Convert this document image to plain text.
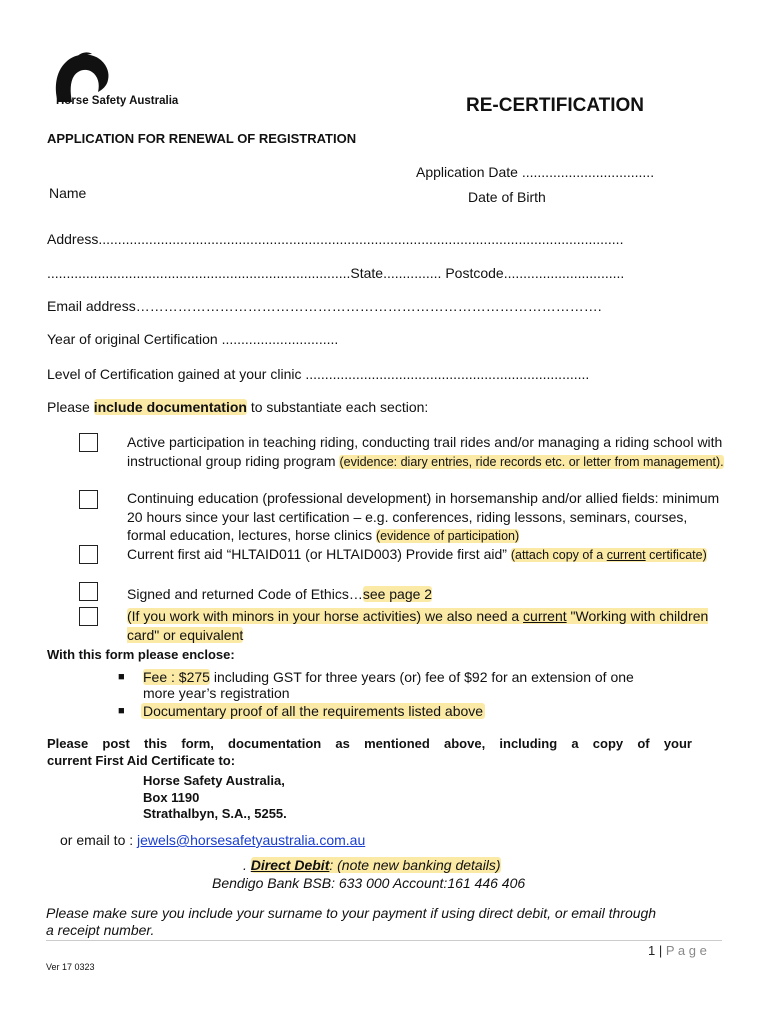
Horse Safety Australia	RE-CERTIFICATION
APPLICATION FOR RENEWAL OF REGISTRATION
Application Date ..................................
Name	Date of Birth
Address.......................................................................................................................................
..............................................................................State............... Postcode...............................
Email address……………………………………………………………………………………….
Year of original Certification ..............................
Level of Certification gained at your clinic .........................................................................
Please include documentation to substantiate each section:
Active participation in teaching riding, conducting trail rides and/or managing a riding school with instructional group riding program (evidence: diary entries, ride records etc. or letter from management).
Continuing education (professional development) in horsemanship and/or allied fields: minimum 20 hours since your last certification – e.g. conferences, riding lessons, seminars, courses, formal education, lectures, horse clinics (evidence of participation)
Current first aid “HLTAID011 (or HLTAID003) Provide first aid” (attach copy of a current certificate)
Signed and returned Code of Ethics…see page 2
(If you work with minors in your horse activities) we also need a current "Working with children card" or equivalent
With this form please enclose:
■ Fee : $275 including GST for three years (or) fee of $92 for an extension of one
more year’s registration
■ Documentary proof of all the requirements listed above
Please post this form, documentation as mentioned above, including a copy of your
current First Aid Certificate to:
Horse Safety Australia,
Box 1190
Strathalbyn, S.A., 5255.
or email to : jewels@horsesafetyaustralia.com.au
. Direct Debit: (note new banking details)
Bendigo Bank BSB: 633 000 Account:161 446 406
Please make sure you include your surname to your payment if using direct debit, or email through
a receipt number.
1 | P a g e
Ver 17 0323
